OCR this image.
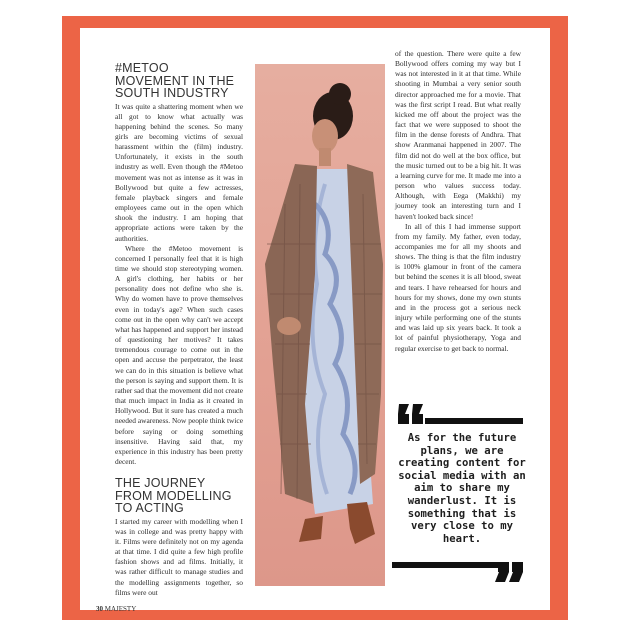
#METOO MOVEMENT IN THE SOUTH INDUSTRY

It was quite a shattering moment when we all got to know what actually was happening behind the scenes. So many girls are becoming victims of sexual harassment within the (film) industry. Unfortunately, it exists in the south industry as well. Even though the #Metoo movement was not as intense as it was in Bollywood but quite a few actresses, female playback singers and female employees came out in the open which shook the industry. I am hoping that appropriate actions were taken by the authorities.

Where the #Metoo movement is concerned I personally feel that it is high time we should stop stereotyping women. A girl's clothing, her habits or her personality does not define who she is. Why do women have to prove themselves even in today's age? When such cases come out in the open why can't we accept what has happened and support her instead of questioning her motives? It takes tremendous courage to come out in the open and accuse the perpetrator, the least we can do in this situation is believe what the person is saying and support them. It is rather sad that the movement did not create that much impact in India as it created in Hollywood. But it sure has created a much needed awareness. Now people think twice before saying or doing something insensitive. Having said that, my experience in this industry has been pretty decent.

THE JOURNEY FROM MODELLING TO ACTING

I started my career with modelling when I was in college and was pretty happy with it. Films were definitely not on my agenda at that time. I did quite a few high profile fashion shows and ad films. Initially, it was rather difficult to manage studies and the modelling assignments together, so films were out

of the question. There were quite a few Bollywood offers coming my way but I was not interested in it at that time. While shooting in Mumbai a very senior south director approached me for a movie. That was the first script I read. But what really kicked me off about the project was the fact that we were supposed to shoot the film in the dense forests of Andhra. That show Aranmanai happened in 2007. The film did not do well at the box office, but the music turned out to be a big hit. It was a learning curve for me. It made me into a person who values success today. Although, with Eega (Makkhi) my journey took an interesting turn and I haven't looked back since!

In all of this I had immense support from my family. My father, even today, accompanies me for all my shoots and shows. The thing is that the film industry is 100% glamour in front of the camera but behind the scenes it is all blood, sweat and tears. I have rehearsed for hours and hours for my shows, done my own stunts and in the process got a serious neck injury while performing one of the stunts and was laid up six years back. It took a lot of painful physiotherapy, Yoga and regular exercise to get back to normal.

As for the future plans, we are creating content for social media with an aim to share my wanderlust. It is something that is very close to my heart.
30 MAJESTY
